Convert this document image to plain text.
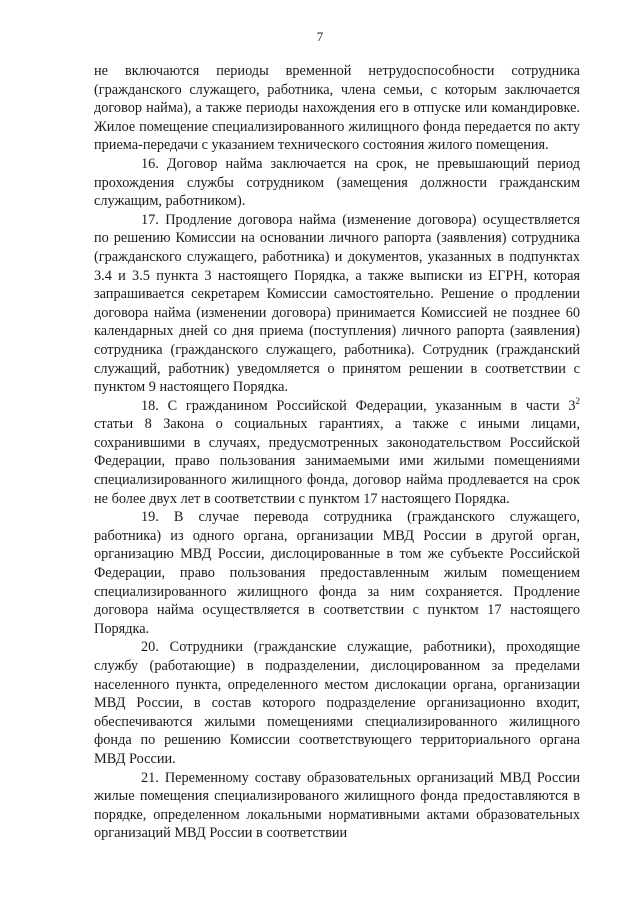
7

не включаются периоды временной нетрудоспособности сотрудника (гражданского служащего, работника, члена семьи, с которым заключается договор найма), а также периоды нахождения его в отпуске или командировке. Жилое помещение специализированного жилищного фонда передается по акту приема-передачи с указанием технического состояния жилого помещения.

16. Договор найма заключается на срок, не превышающий период прохождения службы сотрудником (замещения должности гражданским служащим, работником).

17. Продление договора найма (изменение договора) осуществляется по решению Комиссии на основании личного рапорта (заявления) сотрудника (гражданского служащего, работника) и документов, указанных в подпунктах 3.4 и 3.5 пункта 3 настоящего Порядка, а также выписки из ЕГРН, которая запрашивается секретарем Комиссии самостоятельно. Решение о продлении договора найма (изменении договора) принимается Комиссией не позднее 60 календарных дней со дня приема (поступления) личного рапорта (заявления) сотрудника (гражданского служащего, работника). Сотрудник (гражданский служащий, работник) уведомляется о принятом решении в соответствии с пунктом 9 настоящего Порядка.

18. С гражданином Российской Федерации, указанным в части $3^2$ статьи 8 Закона о социальных гарантиях, а также с иными лицами, сохранившими в случаях, предусмотренных законодательством Российской Федерации, право пользования занимаемыми ими жилыми помещениями специализированного жилищного фонда, договор найма продлевается на срок не более двух лет в соответствии с пунктом 17 настоящего Порядка.

19. В случае перевода сотрудника (гражданского служащего, работника) из одного органа, организации МВД России в другой орган, организацию МВД России, дислоцированные в том же субъекте Российской Федерации, право пользования предоставленным жилым помещением специализированного жилищного фонда за ним сохраняется. Продление договора найма осуществляется в соответствии с пунктом 17 настоящего Порядка.

20. Сотрудники (гражданские служащие, работники), проходящие службу (работающие) в подразделении, дислоцированном за пределами населенного пункта, определенного местом дислокации органа, организации МВД России, в состав которого подразделение организационно входит, обеспечиваются жилыми помещениями специализированного жилищного фонда по решению Комиссии соответствующего территориального органа МВД России.

21. Переменному составу образовательных организаций МВД России жилые помещения специализированого жилищного фонда предоставляются в порядке, определенном локальными нормативными актами образовательных организаций МВД России в соответствии
